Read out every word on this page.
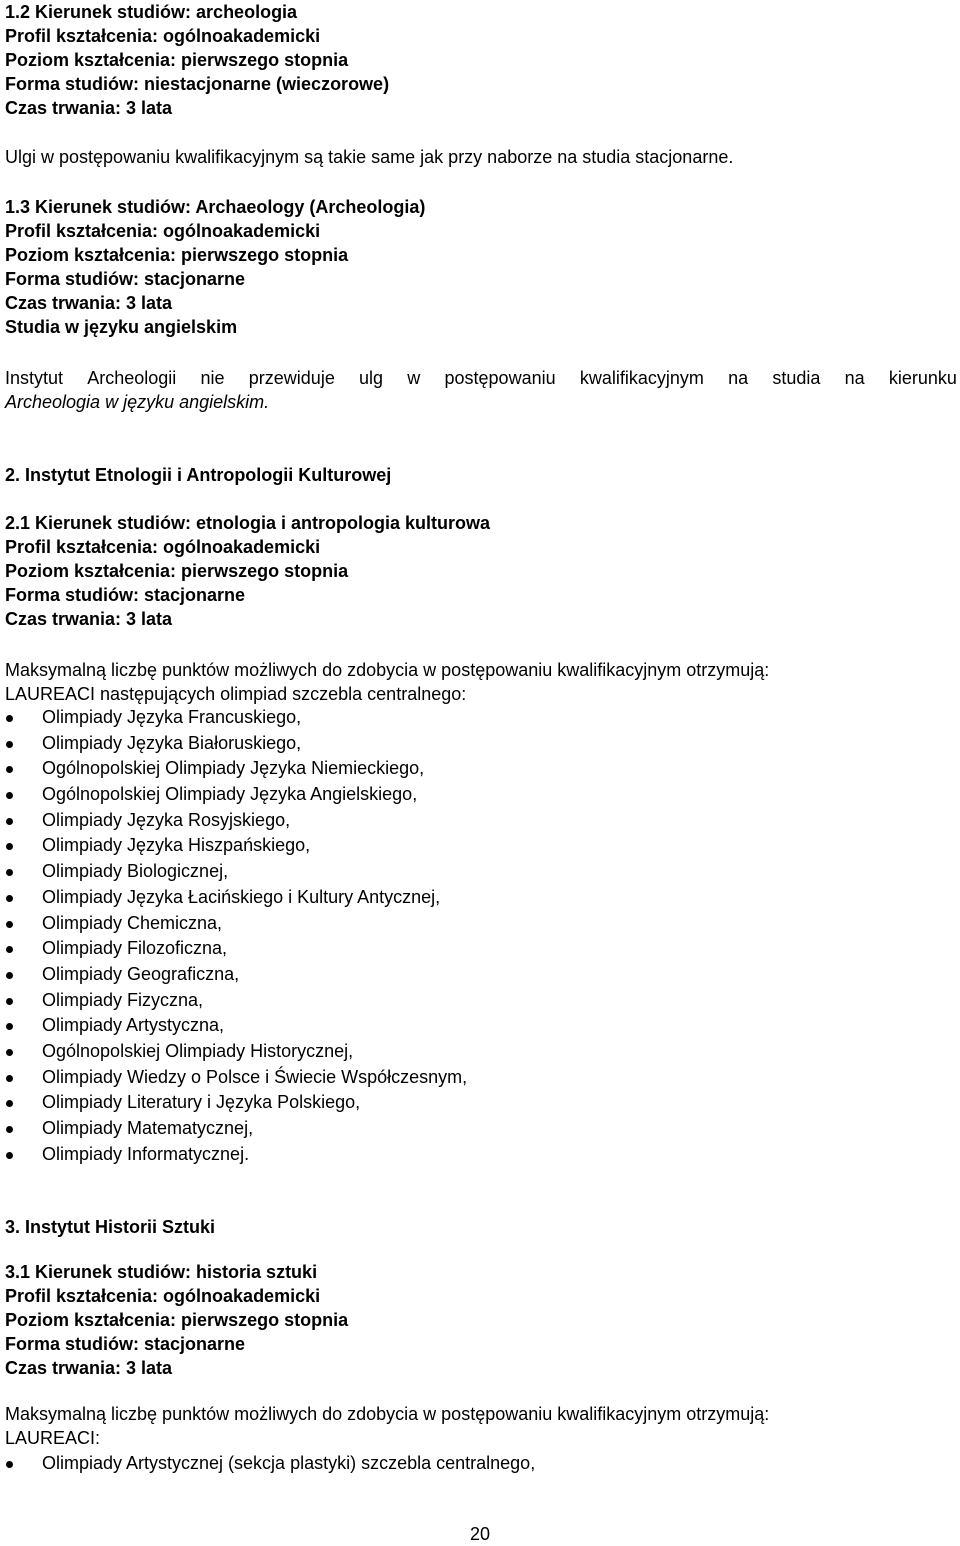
1.2 Kierunek studiów: archeologia
Profil kształcenia: ogólnoakademicki
Poziom kształcenia: pierwszego stopnia
Forma studiów: niestacjonarne (wieczorowe)
Czas trwania: 3 lata
Ulgi w postępowaniu kwalifikacyjnym są takie same jak przy naborze na studia stacjonarne.
1.3 Kierunek studiów: Archaeology (Archeologia)
Profil kształcenia: ogólnoakademicki
Poziom kształcenia: pierwszego stopnia
Forma studiów: stacjonarne
Czas trwania: 3 lata
Studia w języku angielskim
Instytut Archeologii nie przewiduje ulg w postępowaniu kwalifikacyjnym na studia na kierunku
Archeologia w języku angielskim.
2. Instytut Etnologii i Antropologii Kulturowej
2.1 Kierunek studiów: etnologia i antropologia kulturowa
Profil kształcenia: ogólnoakademicki
Poziom kształcenia: pierwszego stopnia
Forma studiów: stacjonarne
Czas trwania: 3 lata
Maksymalną liczbę punktów możliwych do zdobycia w postępowaniu kwalifikacyjnym otrzymują:
LAUREACI następujących olimpiad szczebla centralnego:
Olimpiady Języka Francuskiego,
Olimpiady Języka Białoruskiego,
Ogólnopolskiej Olimpiady Języka Niemieckiego,
Ogólnopolskiej Olimpiady Języka Angielskiego,
Olimpiady Języka Rosyjskiego,
Olimpiady Języka Hiszpańskiego,
Olimpiady Biologicznej,
Olimpiady Języka Łacińskiego i Kultury Antycznej,
Olimpiady Chemiczna,
Olimpiady Filozoficzna,
Olimpiady Geograficzna,
Olimpiady Fizyczna,
Olimpiady Artystyczna,
Ogólnopolskiej Olimpiady Historycznej,
Olimpiady Wiedzy o Polsce i Świecie Współczesnym,
Olimpiady Literatury i Języka Polskiego,
Olimpiady Matematycznej,
Olimpiady Informatycznej.
3. Instytut Historii Sztuki
3.1 Kierunek studiów: historia sztuki
Profil kształcenia: ogólnoakademicki
Poziom kształcenia: pierwszego stopnia
Forma studiów: stacjonarne
Czas trwania: 3 lata
Maksymalną liczbę punktów możliwych do zdobycia w postępowaniu kwalifikacyjnym otrzymują:
LAUREACI:
Olimpiady Artystycznej (sekcja plastyki) szczebla centralnego,
20
